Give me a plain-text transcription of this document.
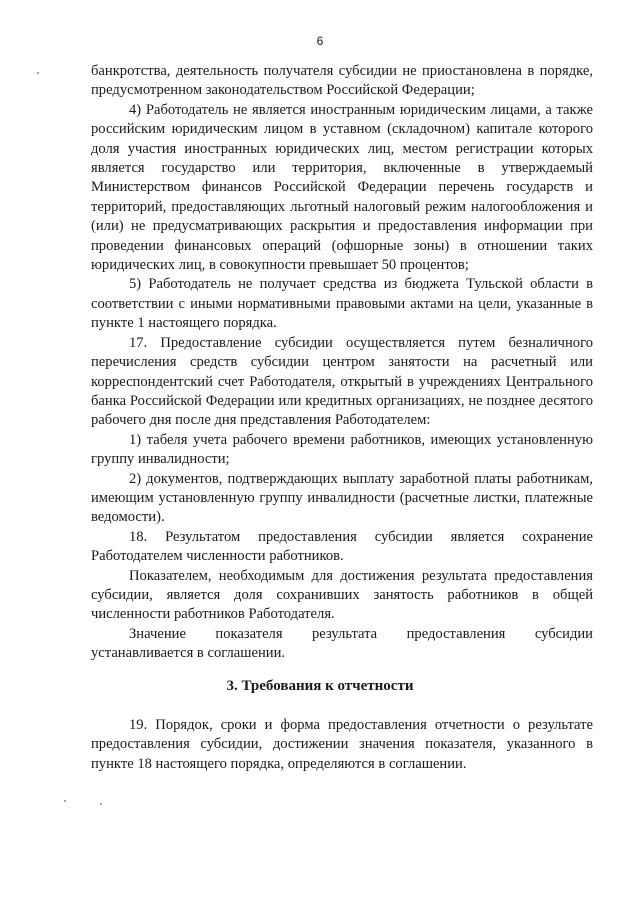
6

банкротства, деятельность получателя субсидии не приостановлена в порядке, предусмотренном законодательством Российской Федерации;

4) Работодатель не является иностранным юридическим лицами, а также российским юридическим лицом в уставном (складочном) капитале которого доля участия иностранных юридических лиц, местом регистрации которых является государство или территория, включенные в утверждаемый Министерством финансов Российской Федерации перечень государств и территорий, предоставляющих льготный налоговый режим налогообложения и (или) не предусматривающих раскрытия и предоставления информации при проведении финансовых операций (офшорные зоны) в отношении таких юридических лиц, в совокупности превышает 50 процентов;

5) Работодатель не получает средства из бюджета Тульской области в соответствии с иными нормативными правовыми актами на цели, указанные в пункте 1 настоящего порядка.

17. Предоставление субсидии осуществляется путем безналичного перечисления средств субсидии центром занятости на расчетный или корреспондентский счет Работодателя, открытый в учреждениях Центрального банка Российской Федерации или кредитных организациях, не позднее десятого рабочего дня после дня представления Работодателем:

1) табеля учета рабочего времени работников, имеющих установленную группу инвалидности;

2) документов, подтверждающих выплату заработной платы работникам, имеющим установленную группу инвалидности (расчетные листки, платежные ведомости).

18. Результатом предоставления субсидии является сохранение Работодателем численности работников.

Показателем, необходимым для достижения результата предоставления субсидии, является доля сохранивших занятость работников в общей численности работников Работодателя.

Значение показателя результата предоставления субсидии устанавливается в соглашении.

3. Требования к отчетности

19. Порядок, сроки и форма предоставления отчетности о результате предоставления субсидии, достижении значения показателя, указанного в пункте 18 настоящего порядка, определяются в соглашении.
